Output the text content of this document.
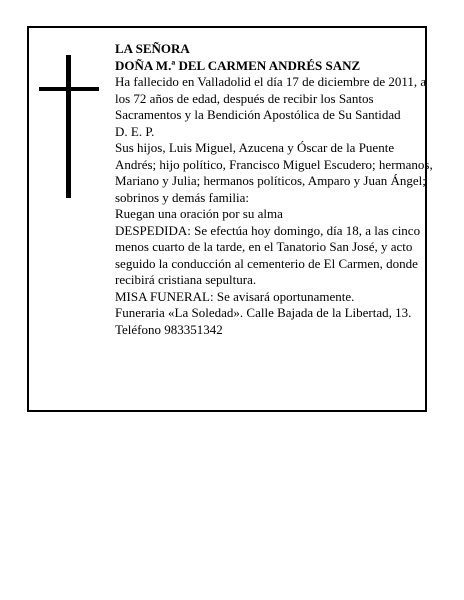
LA SEÑORA

DOÑA M.ª DEL CARMEN ANDRÉS SANZ

Ha fallecido en Valladolid el día 17 de diciembre de 2011, a los 72 años de edad, después de recibir los Santos Sacramentos y la Bendición Apostólica de Su Santidad

D. E. P.

Sus hijos, Luis Miguel, Azucena y Óscar de la Puente Andrés; hijo político, Francisco Miguel Escudero; hermanos, Mariano y Julia; hermanos políticos, Amparo y Juan Ángel; sobrinos y demás familia:

Ruegan una oración por su alma

DESPEDIDA: Se efectúa hoy domingo, día 18, a las cinco menos cuarto de la tarde, en el Tanatorio San José, y acto seguido la conducción al cementerio de El Carmen, donde recibirá cristiana sepultura.

MISA FUNERAL: Se avisará oportunamente.

Funeraria «La Soledad». Calle Bajada de la Libertad, 13.

Teléfono 983351342
